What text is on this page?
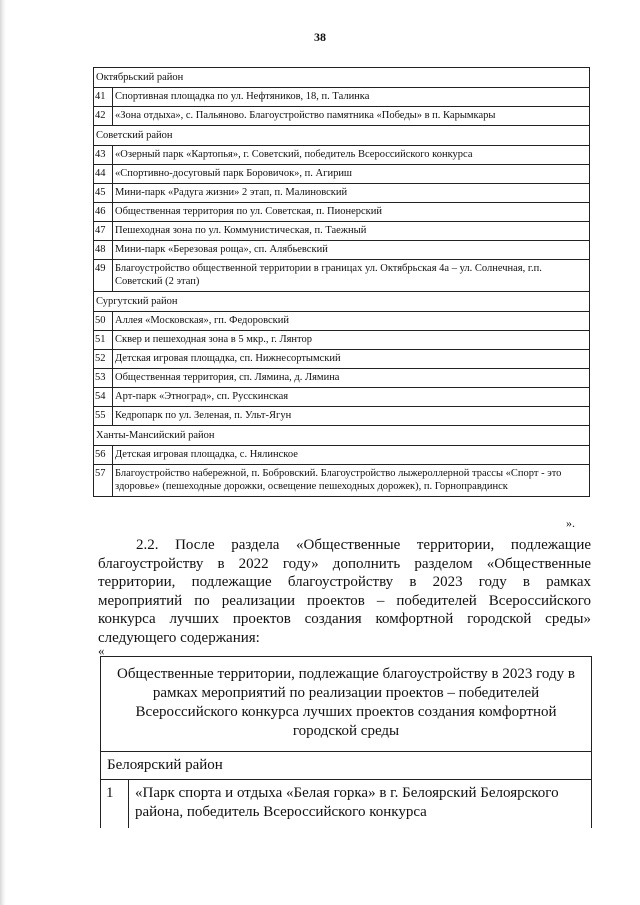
38
Октябрьский район	
41	Спортивная площадка по ул. Нефтяников, 18, п. Талинка
42	«Зона отдыха», с. Пальяново. Благоустройство памятника «Победы» в п. Карымкары
Советский район	
43	«Озерный парк «Картопья», г. Советский, победитель Всероссийского конкурса
44	«Спортивно-досуговый парк Боровичок», п. Агириш
45	Мини-парк «Радуга жизни» 2 этап, п. Малиновский
46	Общественная территория по ул. Советская, п. Пионерский
47	Пешеходная зона по ул. Коммунистическая, п. Таежный
48	Мини-парк «Березовая роща», сп. Алябьевский
49	Благоустройство общественной территории в границах ул. Октябрьская 4а – ул. Солнечная, г.п. Советский (2 этап)
Сургутский район	
50	Аллея «Московская», гп. Федоровский
51	Сквер и пешеходная зона в 5 мкр., г. Лянтор
52	Детская игровая площадка, сп. Нижнесортымский
53	Общественная территория, сп. Лямина, д. Лямина
54	Арт-парк «Этноград», сп. Русскинская
55	Кедропарк по ул. Зеленая, п. Ульт-Ягун
Ханты-Мансийский район	
56	Детская игровая площадка, с. Нялинское
57	Благоустройство набережной, п. Бобровский. Благоустройство лыжероллерной трассы «Спорт - это здоровье» (пешеходные дорожки, освещение пешеходных дорожек), п. Горноправдинск
».
2.2. После раздела «Общественные территории, подлежащие благоустройству в 2022 году» дополнить разделом «Общественные территории, подлежащие благоустройству в 2023 году в рамках мероприятий по реализации проектов – победителей Всероссийского конкурса лучших проектов создания комфортной городской среды» следующего содержания:
«
Общественные территории, подлежащие благоустройству в 2023 году в рамках мероприятий по реализации проектов – победителей Всероссийского конкурса лучших проектов создания комфортной городской среды
Белоярский район
1	«Парк спорта и отдыха «Белая горка» в г. Белоярский Белоярского района, победитель Всероссийского конкурса
